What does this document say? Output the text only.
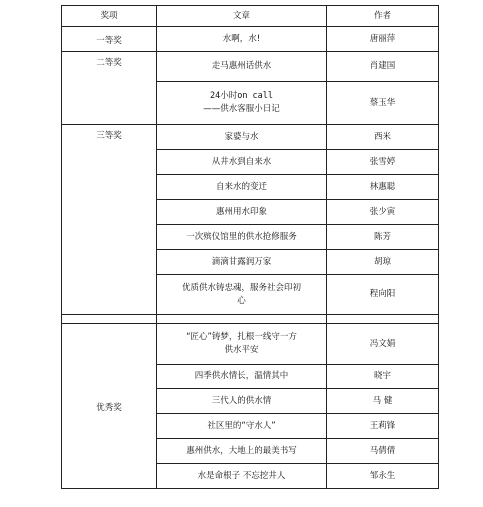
奖项	文章	作者
一等奖	水啊，水!	唐丽萍
二等奖	走马惠州话供水	肖建国

	24小时on call
——供水客服小日记	蔡玉华
三等奖	家婆与水	西米
	从井水到自来水	张雪婷
	自来水的变迁	林惠聪
	惠州用水印象	张少寅
	一次殡仪馆里的供水抢修服务	陈芳
	滴滴甘露润万家	胡琼

	优质供水铸忠魂，服务社会印初
心	程向阳

优秀奖	“匠心”铸梦，扎根一线守一方
供水平安	冯文娟
	四季供水情长，温情其中	晓宇
	三代人的供水情	马 健
	社区里的“守水人”	王莉锋
	惠州供水，大地上的最美书写	马倩倩
	水是命根子 不忘挖井人	邹永生
